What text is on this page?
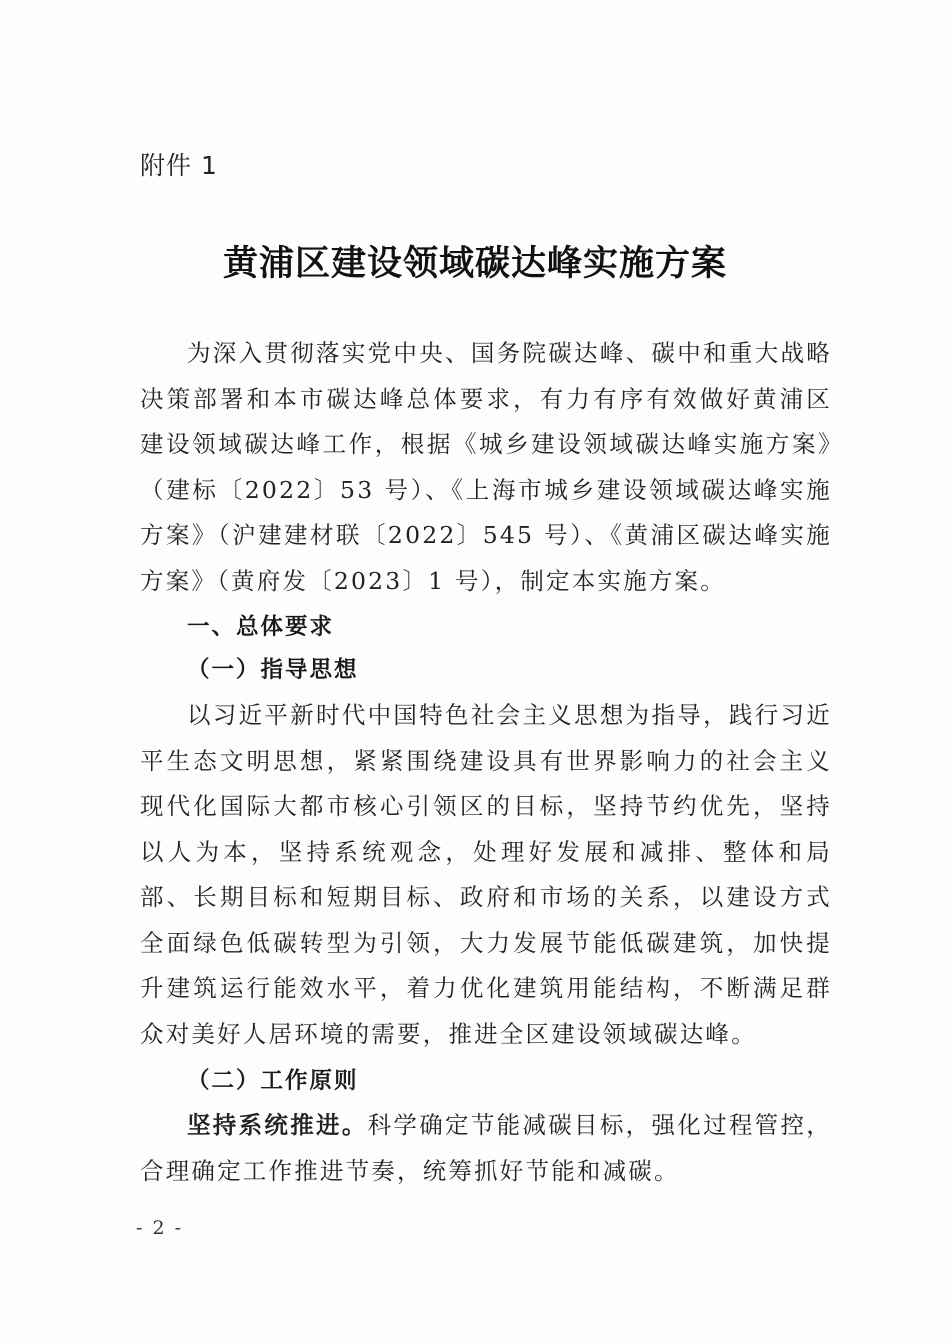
附件 1
黄浦区建设领域碳达峰实施方案
为深入贯彻落实党中央、国务院碳达峰、碳中和重大战略决策部署和本市碳达峰总体要求，有力有序有效做好黄浦区建设领域碳达峰工作，根据《城乡建设领域碳达峰实施方案》（建标〔2022〕53 号）、《上海市城乡建设领域碳达峰实施方案》（沪建建材联〔2022〕545 号）、《黄浦区碳达峰实施方案》（黄府发〔2023〕1 号），制定本实施方案。
一、总体要求
（一）指导思想
以习近平新时代中国特色社会主义思想为指导，践行习近平生态文明思想，紧紧围绕建设具有世界影响力的社会主义现代化国际大都市核心引领区的目标，坚持节约优先，坚持以人为本，坚持系统观念，处理好发展和减排、整体和局部、长期目标和短期目标、政府和市场的关系，以建设方式全面绿色低碳转型为引领，大力发展节能低碳建筑，加快提升建筑运行能效水平，着力优化建筑用能结构，不断满足群众对美好人居环境的需要，推进全区建设领域碳达峰。
（二）工作原则
坚持系统推进。科学确定节能减碳目标，强化过程管控，合理确定工作推进节奏，统筹抓好节能和减碳。
- 2 -
